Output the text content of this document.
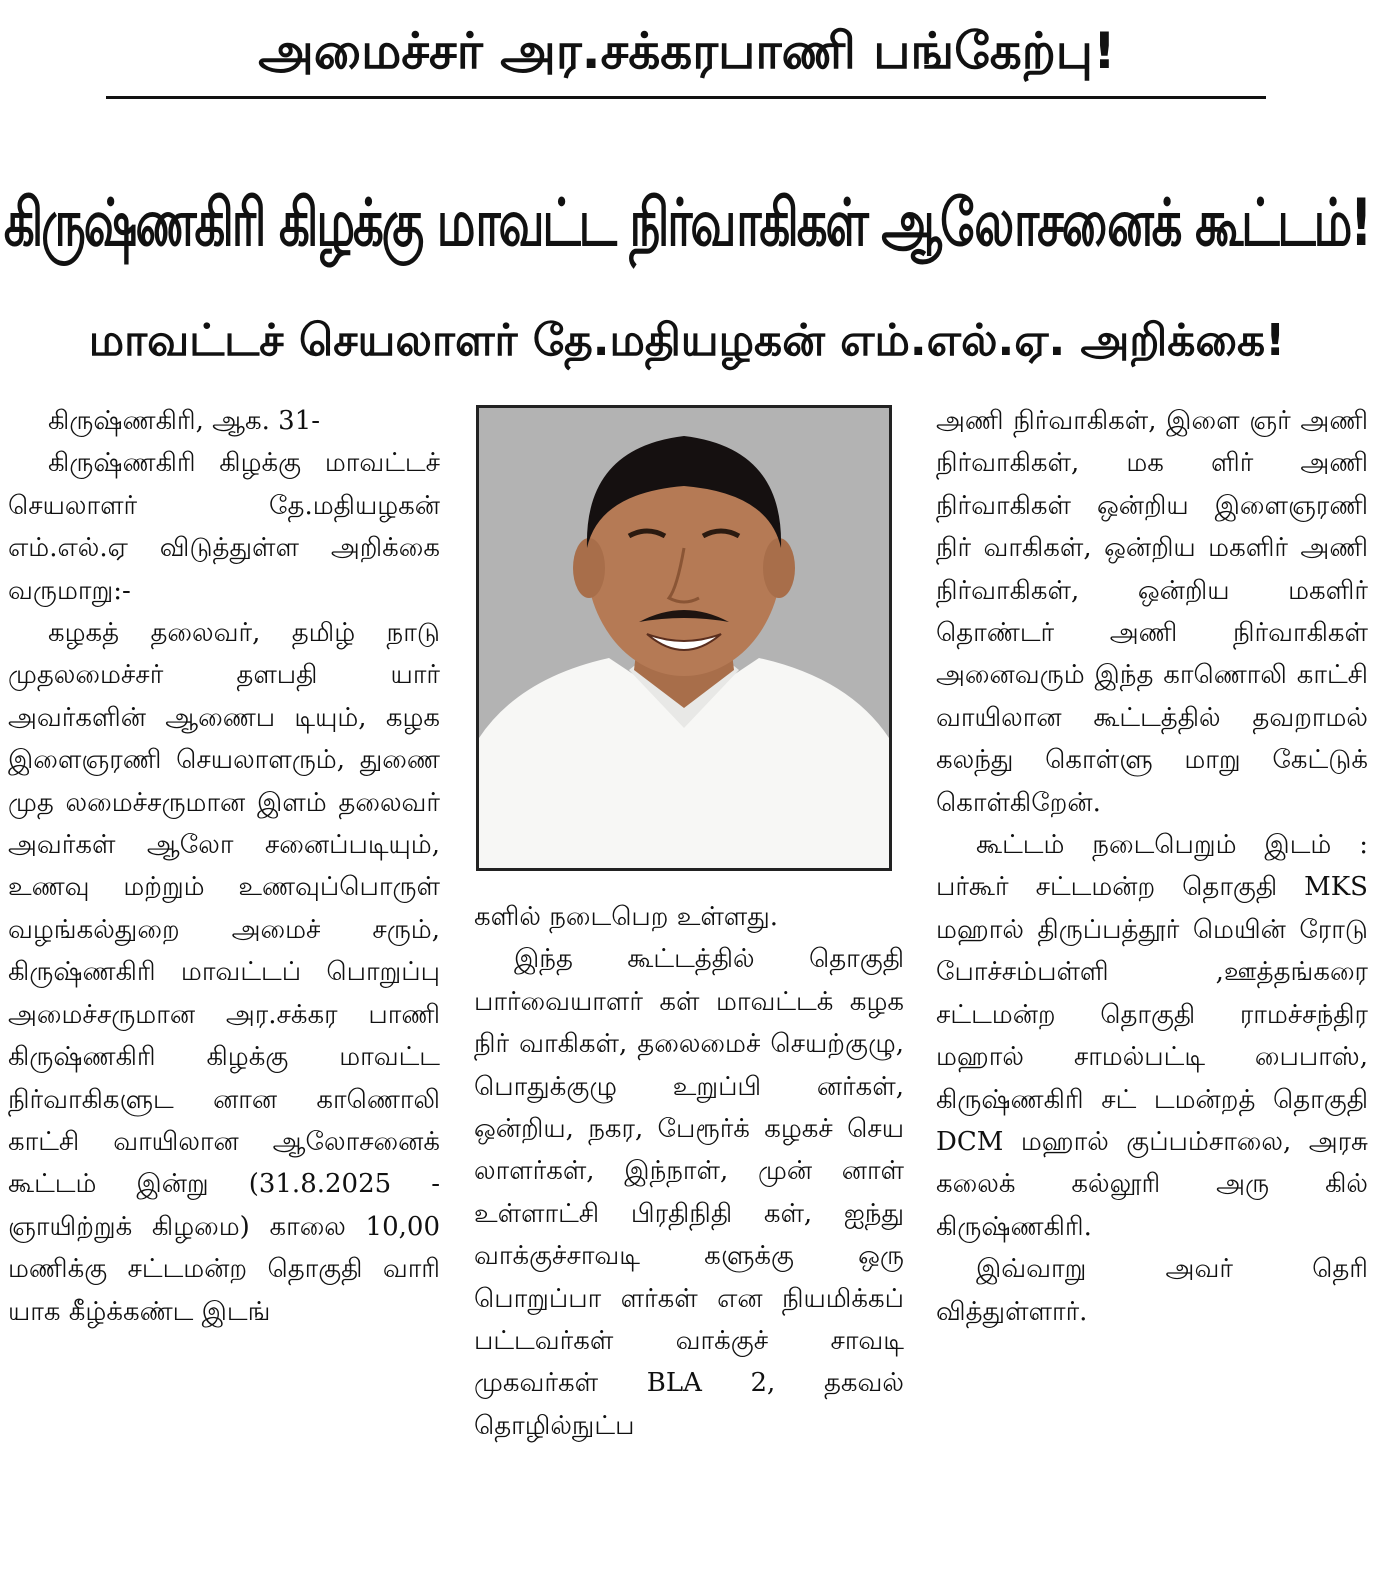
அமைச்சர் அர.சக்கரபாணி பங்கேற்பு!
கிருஷ்ணகிரி கிழக்கு மாவட்ட நிர்வாகிகள் ஆலோசனைக் கூட்டம்!
மாவட்டச் செயலாளர் தே.மதியழகன் எம்.எல்.ஏ. அறிக்கை!

கிருஷ்ணகிரி, ஆக. 31-

கிருஷ்ணகிரி கிழக்கு மாவட்டச் செயலாளர் தே.மதியழகன் எம்.எல்.ஏ விடுத்துள்ள அறிக்கை வருமாறு:-

கழகத் தலைவர், தமிழ் நாடு முதலமைச்சர் தளபதி யார் அவர்களின் ஆணைப டியும், கழக இளைஞரணி செயலாளரும், துணை முத லமைச்சருமான இளம் தலைவர் அவர்கள் ஆலோ சனைப்படியும், உணவு மற்றும் உணவுப்பொருள் வழங்கல்துறை அமைச் சரும், கிருஷ்ணகிரி மாவட்டப் பொறுப்பு அமைச்சருமான அர.சக்கர பாணி கிருஷ்ணகிரி கிழக்கு மாவட்ட நிர்வாகிகளுட னான காணொலி காட்சி வாயிலான ஆலோசனைக் கூட்டம் இன்று (31.8.2025 - ஞாயிற்றுக் கிழமை) காலை 10,00 மணிக்கு சட்டமன்ற தொகுதி வாரி யாக கீழ்க்கண்ட இடங்

களில் நடைபெற உள்ளது.

இந்த கூட்டத்தில் தொகுதி பார்வையாளர் கள் மாவட்டக் கழக நிர் வாகிகள், தலைமைச் செயற்குழு, பொதுக்குழு உறுப்பி னர்கள், ஒன்றிய, நகர, பேரூர்க் கழகச் செய லாளர்கள், இந்நாள், முன் னாள் உள்ளாட்சி பிரதிநிதி கள், ஐந்து வாக்குச்சாவடி களுக்கு ஒரு பொறுப்பா ளர்கள் என நியமிக்கப் பட்டவர்கள் வாக்குச் சாவடி முகவர்கள் BLA 2, தகவல் தொழில்நுட்ப

அணி நிர்வாகிகள், இளை ஞர் அணி நிர்வாகிகள், மக ளிர் அணி நிர்வாகிகள் ஒன்றிய இளைஞரணி நிர் வாகிகள், ஒன்றிய மகளிர் அணி நிர்வாகிகள், ஒன்றிய மகளிர் தொண்டர் அணி நிர்வாகிகள் அனைவரும் இந்த காணொலி காட்சி வாயிலான கூட்டத்தில் தவறாமல் கலந்து கொள்ளு மாறு கேட்டுக் கொள்கிறேன்.

கூட்டம் நடைபெறும் இடம் : பர்கூர் சட்டமன்ற தொகுதி MKS மஹால் திருப்பத்தூர் மெயின் ரோடு போச்சம்பள்ளி ,ஊத்தங்கரை சட்டமன்ற தொகுதி ராமச்சந்திர மஹால் சாமல்பட்டி பைபாஸ், கிருஷ்ணகிரி சட் டமன்றத் தொகுதி DCM மஹால் குப்பம்சாலை, அரசு கலைக் கல்லூரி அரு கில் கிருஷ்ணகிரி.

இவ்வாறு அவர் தெரி வித்துள்ளார்.
